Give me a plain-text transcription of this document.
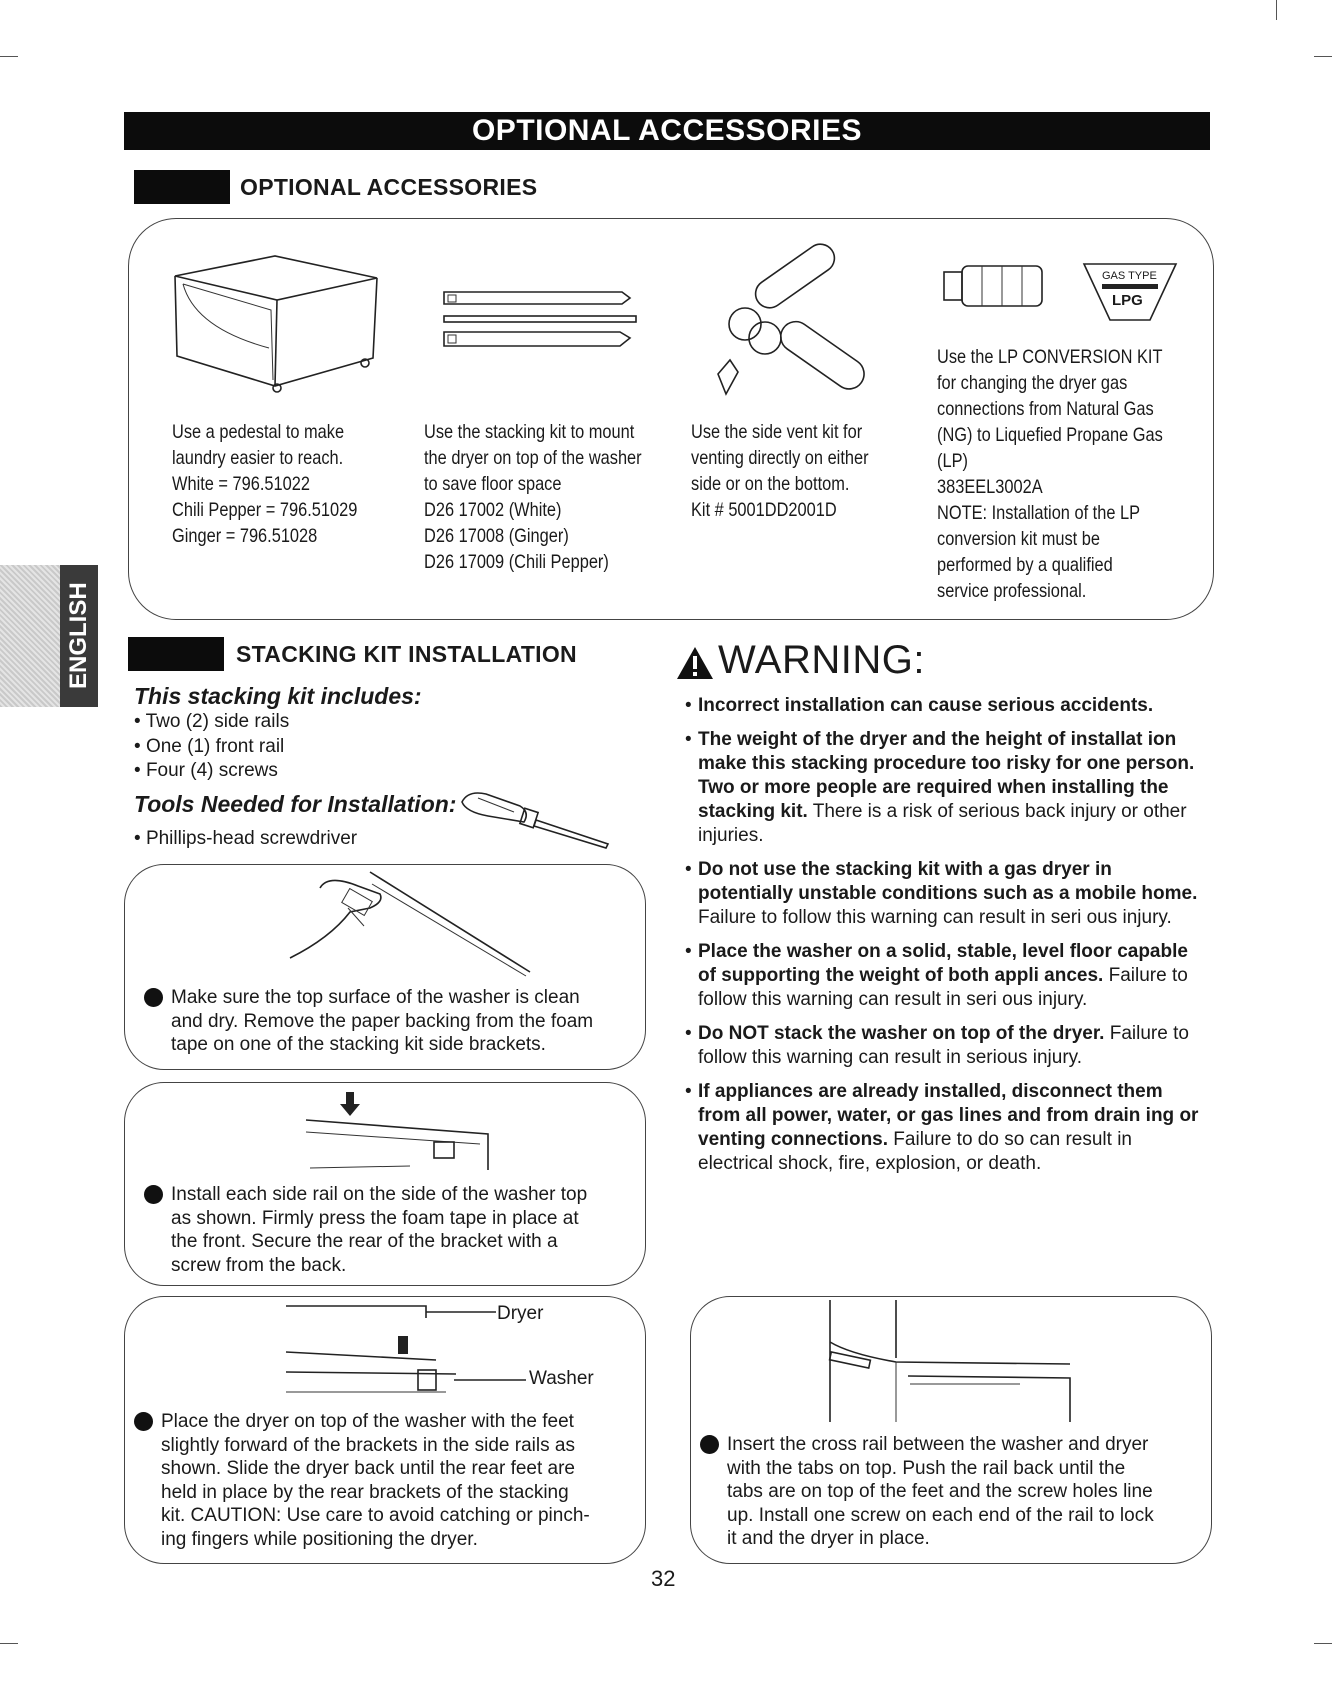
OPTIONAL ACCESSORIES
ENGLISH
OPTIONAL ACCESSORIES
GAS TYPE
LPG

Use a pedestal to make

laundry easier to reach.

White = 796.51022

Chili Pepper = 796.51029

Ginger = 796.51028

Use the stacking kit to mount

the dryer on top of the washer

to save floor space

D26 17002 (White)

D26 17008 (Ginger)

D26 17009 (Chili Pepper)

Use the side vent kit for

venting directly on either

side or on the bottom.

Kit # 5001DD2001D

Use the LP CONVERSION KIT

for changing the dryer gas

connections from Natural Gas

(NG) to Liquefied Propane Gas

(LP)

383EEL3002A

NOTE: Installation of the LP

conversion kit must be

performed by a qualified

service professional.

STACKING KIT INSTALLATION
This stacking kit includes:
• Two (2) side rails
• One (1) front rail
• Four (4) screws
Tools Needed for Installation:
• Phillips-head screwdriver
1 Make sure the top surface of the washer is clean
and dry. Remove the paper backing from the foam
tape on one of the stacking kit side brackets.
2 Install each side rail on the side of the washer top
as shown. Firmly press the foam tape in place at
the front. Secure the rear of the bracket with a
screw from the back.
Dryer
Washer
3 Place the dryer on top of the washer with the feet
slightly forward of the brackets in the side rails as
shown. Slide the dryer back until the rear feet are
held in place by the rear brackets of the stacking
kit. CAUTION: Use care to avoid catching or pinch-
ing fingers while positioning the dryer.
4 Insert the cross rail between the washer and dryer
with the tabs on top. Push the rail back until the
tabs are on top of the feet and the screw holes line
up. Install one screw on each end of the rail to lock
it and the dryer in place.
WARNING:
• Incorrect installation can cause serious accidents.
• The weight of the dryer and the height of installat ion make this stacking procedure too risky for one person. Two or more people are required when installing the stacking kit. There is a risk of serious back injury or other injuries.
• Do not use the stacking kit with a gas dryer in potentially unstable conditions such as a mobile home. Failure to follow this warning can result in seri ous injury.
• Place the washer on a solid, stable, level floor capable of supporting the weight of both appli ances. Failure to follow this warning can result in seri ous injury.
• Do NOT stack the washer on top of the dryer. Failure to follow this warning can result in serious injury.
• If appliances are already installed, disconnect them from all power, water, or gas lines and from drain ing or venting connections. Failure to do so can result in electrical shock, fire, explosion, or death.
32
